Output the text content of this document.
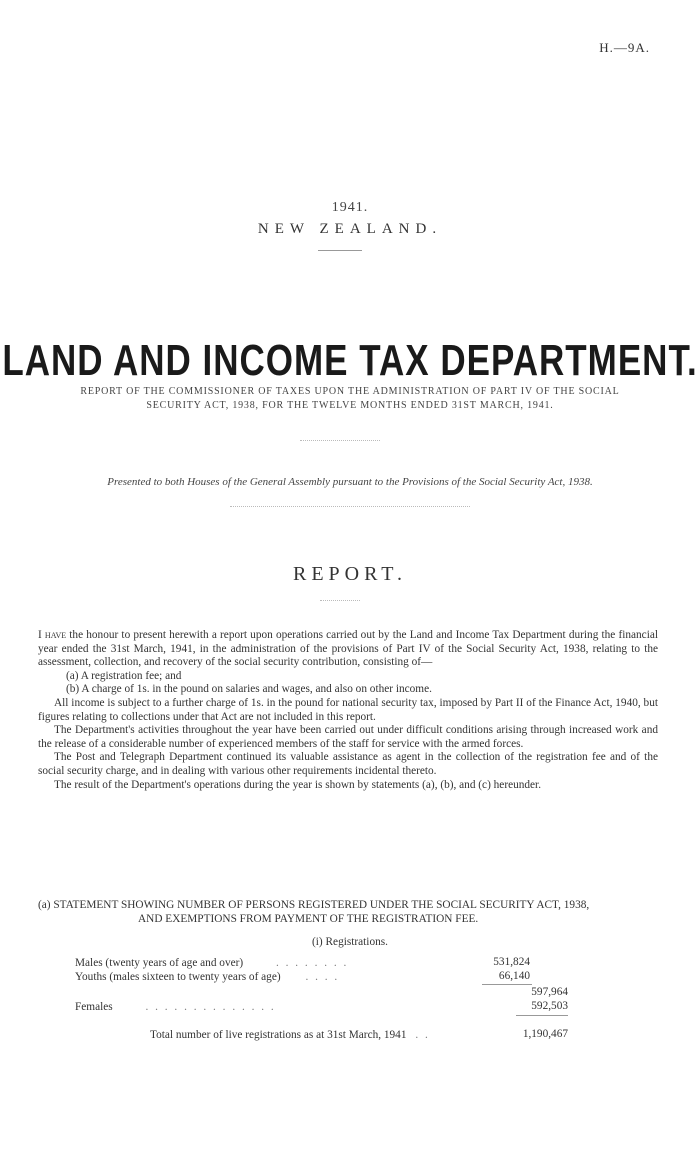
H.—9A.
1941.
NEW ZEALAND.
LAND AND INCOME TAX DEPARTMENT.
REPORT OF THE COMMISSIONER OF TAXES UPON THE ADMINISTRATION OF PART IV OF THE SOCIAL SECURITY ACT, 1938, FOR THE TWELVE MONTHS ENDED 31ST MARCH, 1941.
Presented to both Houses of the General Assembly pursuant to the Provisions of the Social Security Act, 1938.
REPORT.

I have the honour to present herewith a report upon operations carried out by the Land and Income Tax Department during the financial year ended the 31st March, 1941, in the administration of the provisions of Part IV of the Social Security Act, 1938, relating to the assessment, collection, and recovery of the social security contribution, consisting of—

(a) A registration fee; and

(b) A charge of 1s. in the pound on salaries and wages, and also on other income.

All income is subject to a further charge of 1s. in the pound for national security tax, imposed by Part II of the Finance Act, 1940, but figures relating to collections under that Act are not included in this report.

The Department's activities throughout the year have been carried out under difficult conditions arising through increased work and the release of a considerable number of experienced members of the staff for service with the armed forces.

The Post and Telegraph Department continued its valuable assistance as agent in the collection of the registration fee and of the social security charge, and in dealing with various other requirements incidental thereto.

The result of the Department's operations during the year is shown by statements (a), (b), and (c) hereunder.

(a) STATEMENT SHOWING NUMBER OF PERSONS REGISTERED UNDER THE SOCIAL SECURITY ACT, 1938,
AND EXEMPTIONS FROM PAYMENT OF THE REGISTRATION FEE.
(i) Registrations.
Males (twenty years of age and over)	. . . . . . . .	531,824
Youths (males sixteen to twenty years of age) . . . .	66,140
597,964
Females	. . . . . . . . . . . . . .	592,503
Total number of live registrations as at 31st March, 1941 . .	1,190,467
